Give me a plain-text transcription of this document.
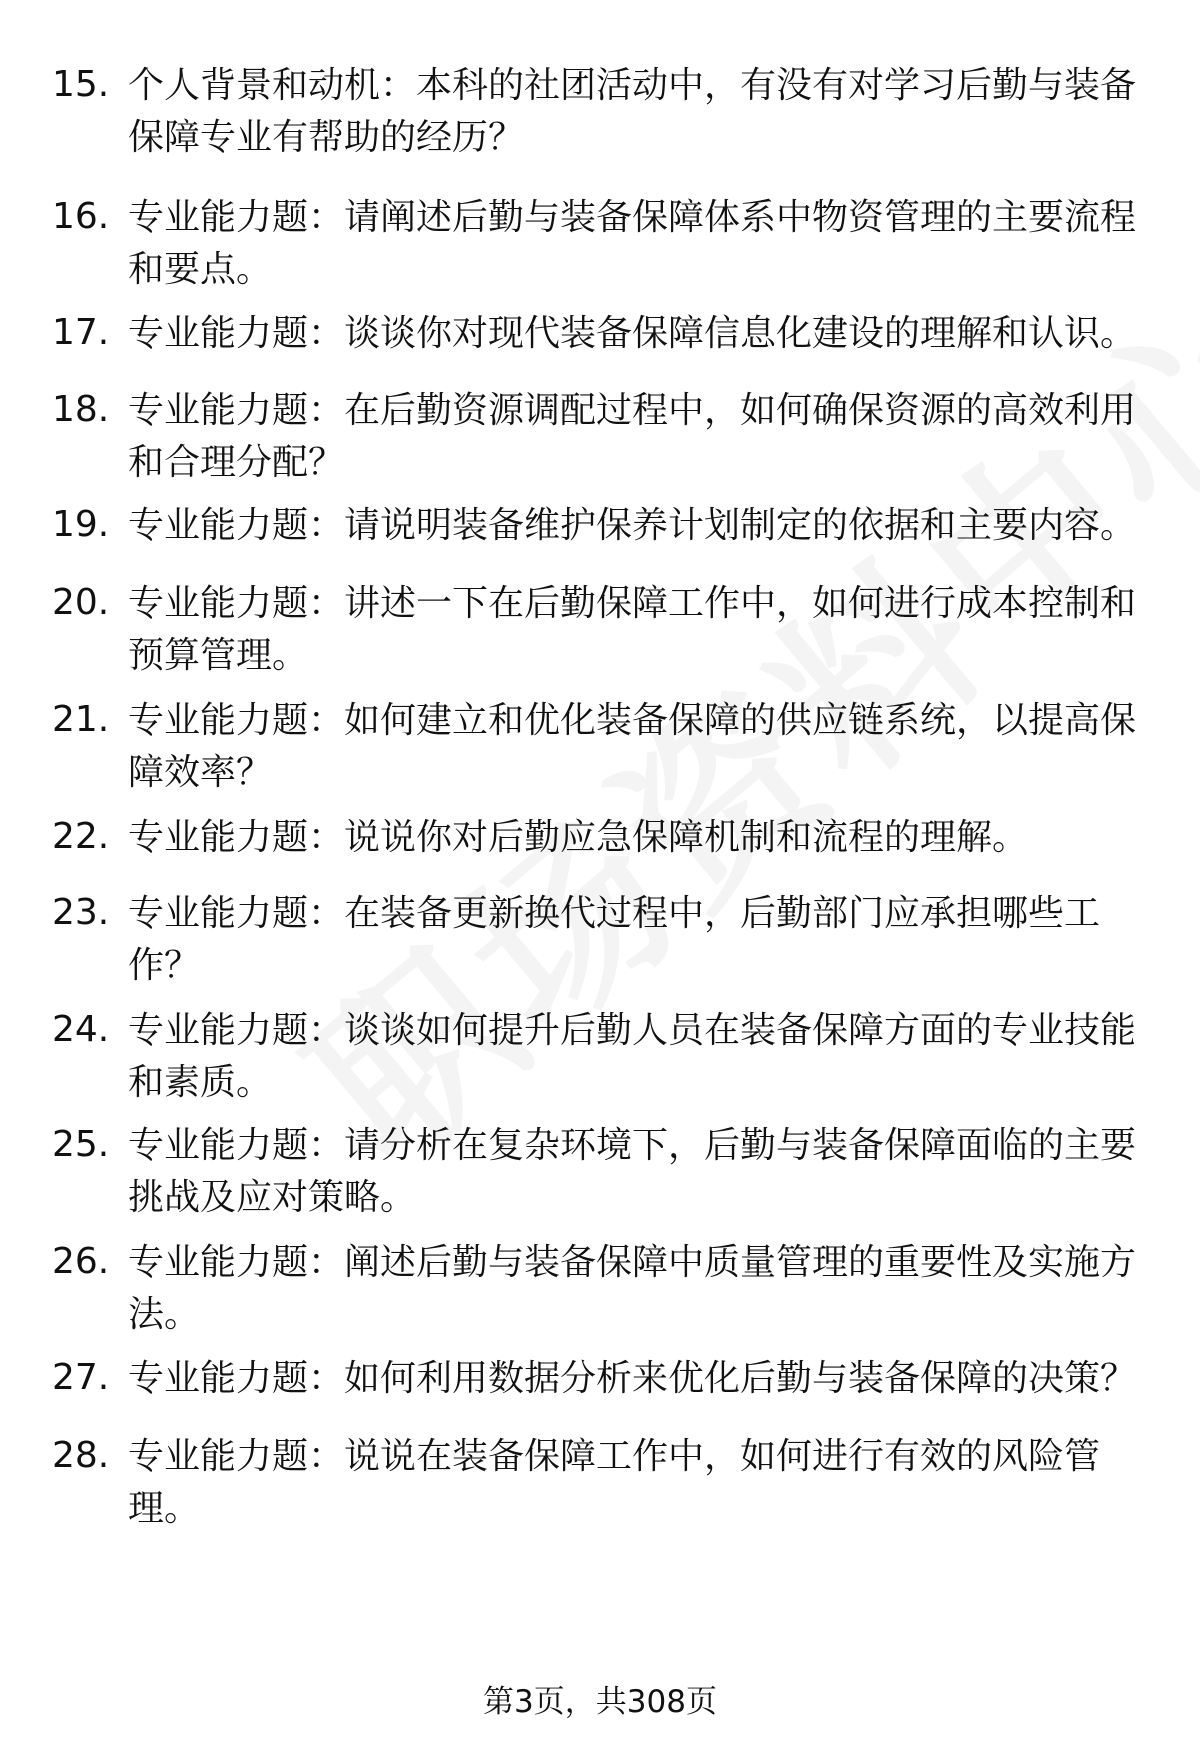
15. 个人背景和动机：本科的社团活动中，有没有对学习后勤与装备保障专业有帮助的经历？
16. 专业能力题：请阐述后勤与装备保障体系中物资管理的主要流程和要点。
17. 专业能力题：谈谈你对现代装备保障信息化建设的理解和认识。
18. 专业能力题：在后勤资源调配过程中，如何确保资源的高效利用和合理分配？
19. 专业能力题：请说明装备维护保养计划制定的依据和主要内容。
20. 专业能力题：讲述一下在后勤保障工作中，如何进行成本控制和预算管理。
21. 专业能力题：如何建立和优化装备保障的供应链系统，以提高保障效率？
22. 专业能力题：说说你对后勤应急保障机制和流程的理解。
23. 专业能力题：在装备更新换代过程中，后勤部门应承担哪些工作？
24. 专业能力题：谈谈如何提升后勤人员在装备保障方面的专业技能和素质。
25. 专业能力题：请分析在复杂环境下，后勤与装备保障面临的主要挑战及应对策略。
26. 专业能力题：阐述后勤与装备保障中质量管理的重要性及实施方法。
27. 专业能力题：如何利用数据分析来优化后勤与装备保障的决策？
28. 专业能力题：说说在装备保障工作中，如何进行有效的风险管理。
第3页，共308页
